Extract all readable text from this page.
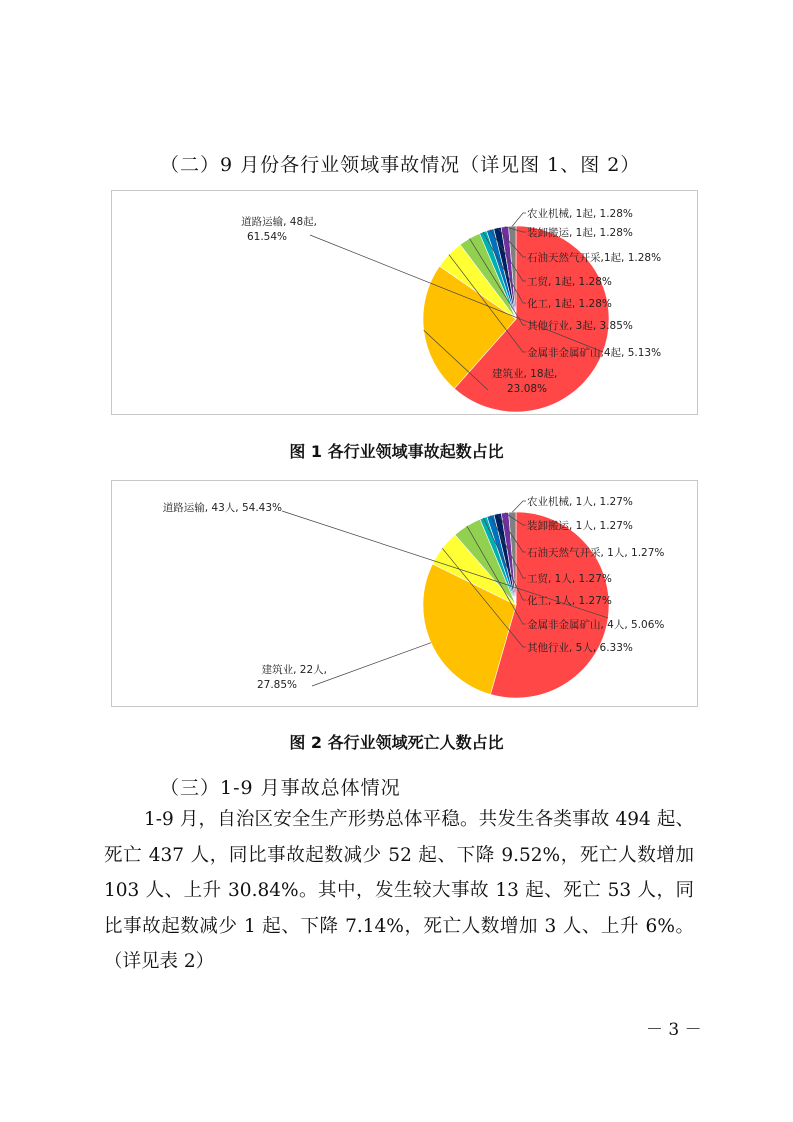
（二）9 月份各行业领域事故情况（详见图 1、图 2）
农业机械, 1起, 1.28%
装卸搬运, 1起, 1.28%
石油天然气开采,1起, 1.28%
工贸, 1起, 1.28%
化工, 1起, 1.28%
其他行业, 3起, 3.85%
金属非金属矿山,4起, 5.13%
道路运输, 48起,
61.54%
建筑业, 18起,
23.08%
图 1 各行业领域事故起数占比
农业机械, 1人, 1.27%
装卸搬运, 1人, 1.27%
石油天然气开采, 1人, 1.27%
工贸, 1人, 1.27%
化工, 1人, 1.27%
金属非金属矿山, 4人, 5.06%
其他行业, 5人, 6.33%
道路运输, 43人, 54.43%
建筑业, 22人,
27.85%
图 2 各行业领域死亡人数占比
（三）1-9 月事故总体情况

1-9 月，自治区安全生产形势总体平稳。共发生各类事故 494 起、死亡 437 人，同比事故起数减少 52 起、下降 9.52%，死亡人数增加 103 人、上升 30.84%。其中，发生较大事故 13 起、死亡 53 人，同比事故起数减少 1 起、下降 7.14%，死亡人数增加 3 人、上升 6%。（详见表 2）

－ 3 －
